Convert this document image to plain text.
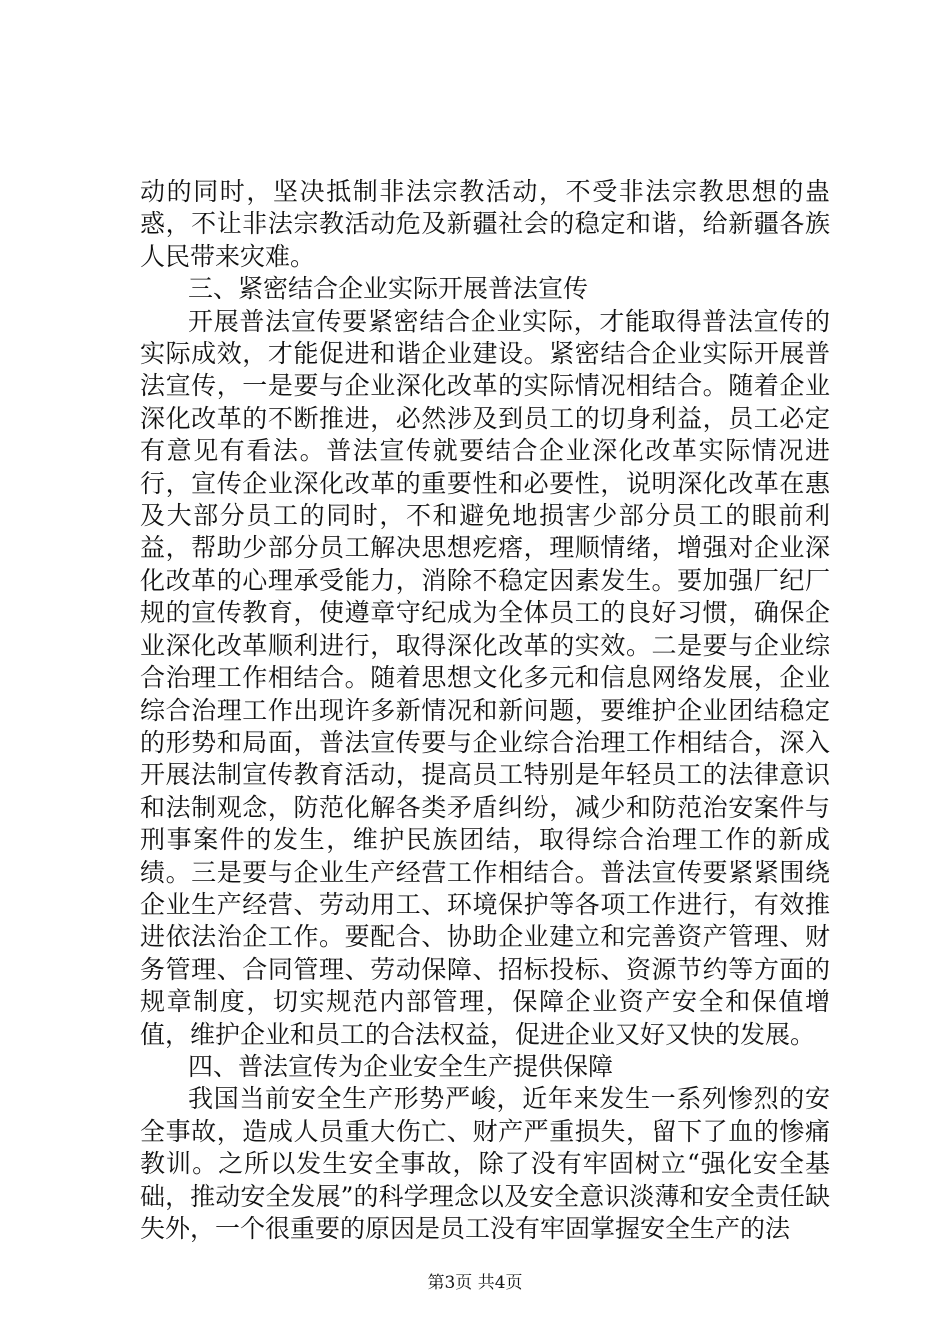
动的同时，坚决抵制非法宗教活动，不受非法宗教思想的蛊惑，不让非法宗教活动危及新疆社会的稳定和谐，给新疆各族人民带来灾难。

三、紧密结合企业实际开展普法宣传

开展普法宣传要紧密结合企业实际，才能取得普法宣传的实际成效，才能促进和谐企业建设。紧密结合企业实际开展普法宣传，一是要与企业深化改革的实际情况相结合。随着企业深化改革的不断推进，必然涉及到员工的切身利益，员工必定有意见有看法。普法宣传就要结合企业深化改革实际情况进行，宣传企业深化改革的重要性和必要性，说明深化改革在惠及大部分员工的同时，不和避免地损害少部分员工的眼前利益，帮助少部分员工解决思想疙瘩，理顺情绪，增强对企业深化改革的心理承受能力，消除不稳定因素发生。要加强厂纪厂规的宣传教育，使遵章守纪成为全体员工的良好习惯，确保企业深化改革顺利进行，取得深化改革的实效。二是要与企业综合治理工作相结合。随着思想文化多元和信息网络发展，企业综合治理工作出现许多新情况和新问题，要维护企业团结稳定的形势和局面，普法宣传要与企业综合治理工作相结合，深入开展法制宣传教育活动，提高员工特别是年轻员工的法律意识和法制观念，防范化解各类矛盾纠纷，减少和防范治安案件与刑事案件的发生，维护民族团结，取得综合治理工作的新成绩。三是要与企业生产经营工作相结合。普法宣传要紧紧围绕企业生产经营、劳动用工、环境保护等各项工作进行，有效推进依法治企工作。要配合、协助企业建立和完善资产管理、财务管理、合同管理、劳动保障、招标投标、资源节约等方面的规章制度，切实规范内部管理，保障企业资产安全和保值增值，维护企业和员工的合法权益，促进企业又好又快的发展。

四、普法宣传为企业安全生产提供保障

我国当前安全生产形势严峻，近年来发生一系列惨烈的安全事故，造成人员重大伤亡、财产严重损失，留下了血的惨痛教训。之所以发生安全事故，除了没有牢固树立“强化安全基础，推动安全发展”的科学理念以及安全意识淡薄和安全责任缺失外，一个很重要的原因是员工没有牢固掌握安全生产的法

第3页 共4页
